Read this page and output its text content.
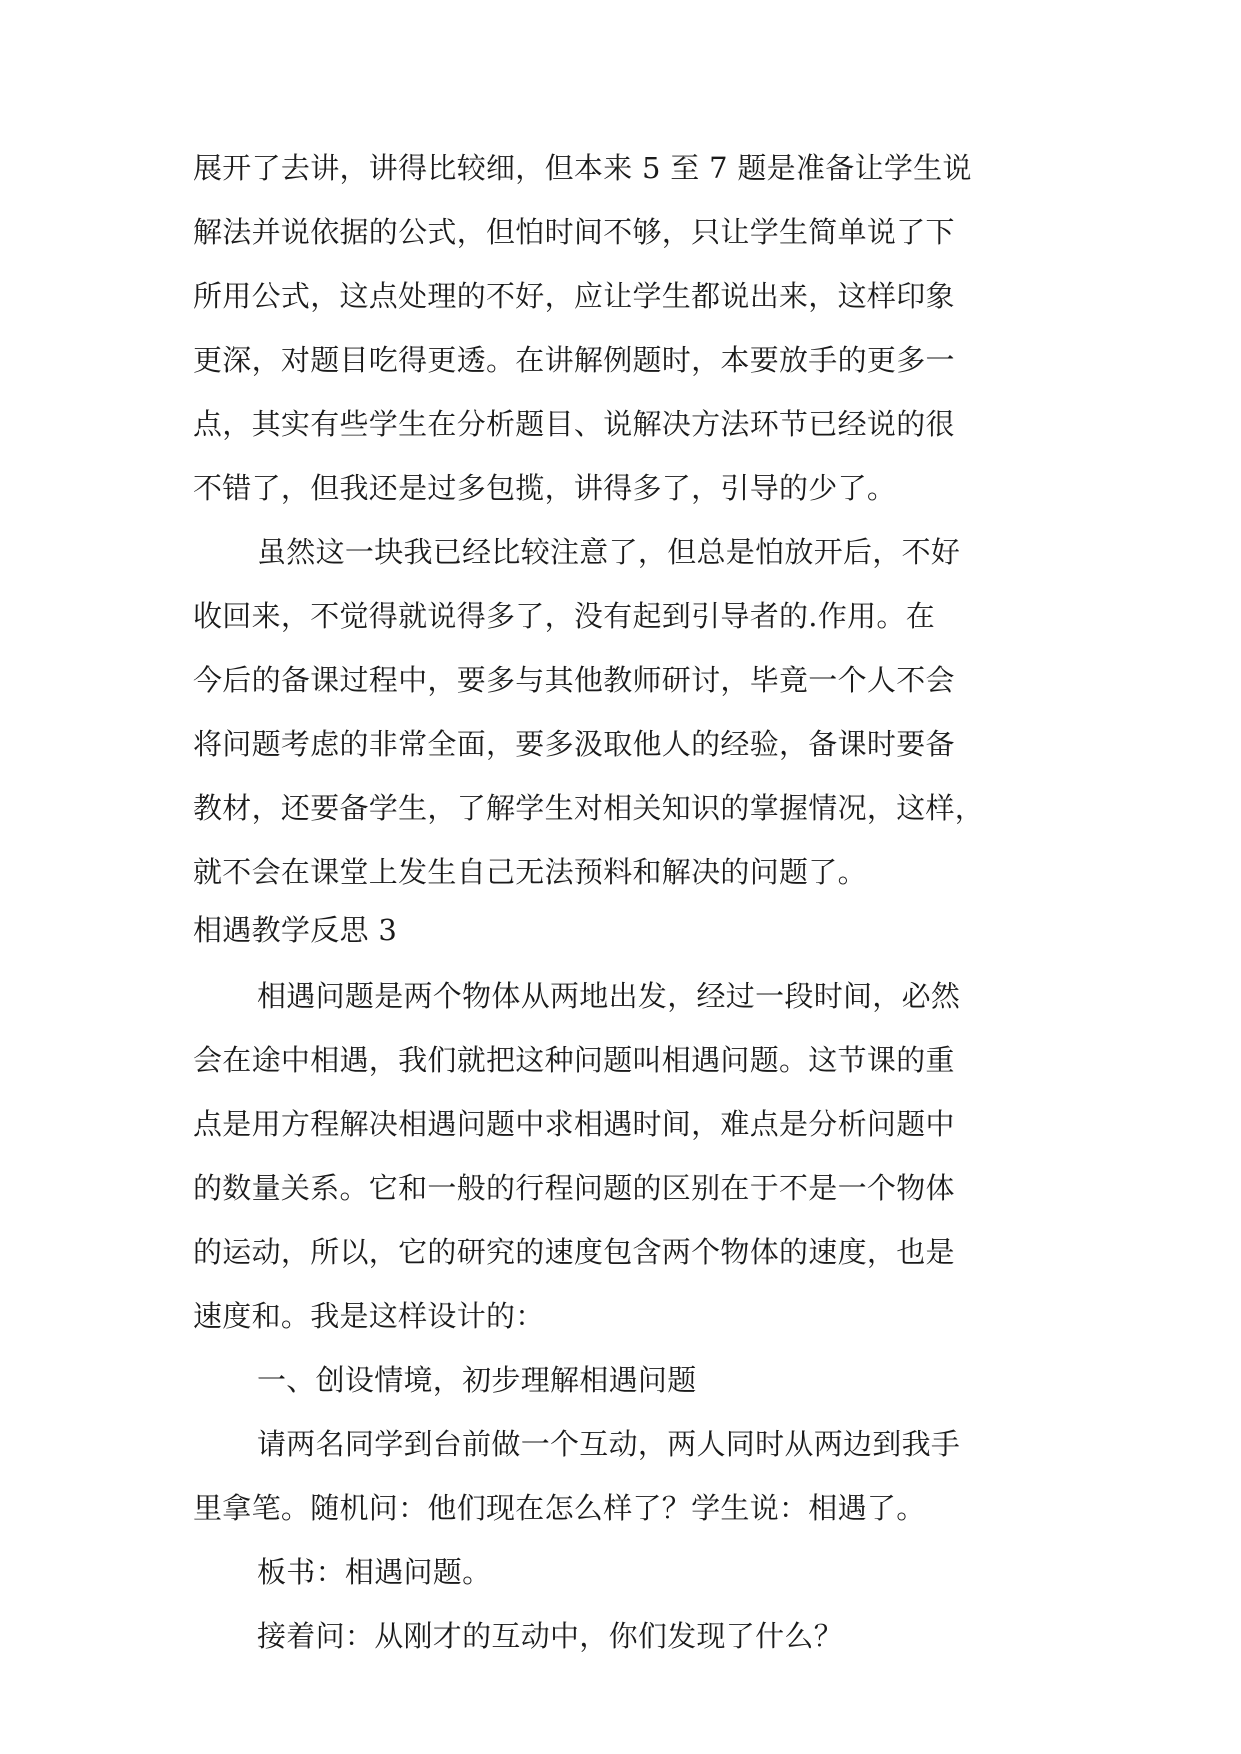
展开了去讲，讲得比较细，但本来 5 至 7 题是准备让学生说

解法并说依据的公式，但怕时间不够，只让学生简单说了下

所用公式，这点处理的不好，应让学生都说出来，这样印象

更深，对题目吃得更透。在讲解例题时，本要放手的更多一

点，其实有些学生在分析题目、说解决方法环节已经说的很

不错了，但我还是过多包揽，讲得多了，引导的少了。

虽然这一块我已经比较注意了，但总是怕放开后，不好

收回来，不觉得就说得多了，没有起到引导者的.作用。在

今后的备课过程中，要多与其他教师研讨，毕竟一个人不会

将问题考虑的非常全面，要多汲取他人的经验，备课时要备

教材，还要备学生，了解学生对相关知识的掌握情况，这样，

就不会在课堂上发生自己无法预料和解决的问题了。

相遇教学反思 3

相遇问题是两个物体从两地出发，经过一段时间，必然

会在途中相遇，我们就把这种问题叫相遇问题。这节课的重

点是用方程解决相遇问题中求相遇时间，难点是分析问题中

的数量关系。它和一般的行程问题的区别在于不是一个物体

的运动，所以，它的研究的速度包含两个物体的速度，也是

速度和。我是这样设计的：

一、创设情境，初步理解相遇问题

请两名同学到台前做一个互动，两人同时从两边到我手

里拿笔。随机问：他们现在怎么样了？学生说：相遇了。

板书：相遇问题。

接着问：从刚才的互动中，你们发现了什么？
